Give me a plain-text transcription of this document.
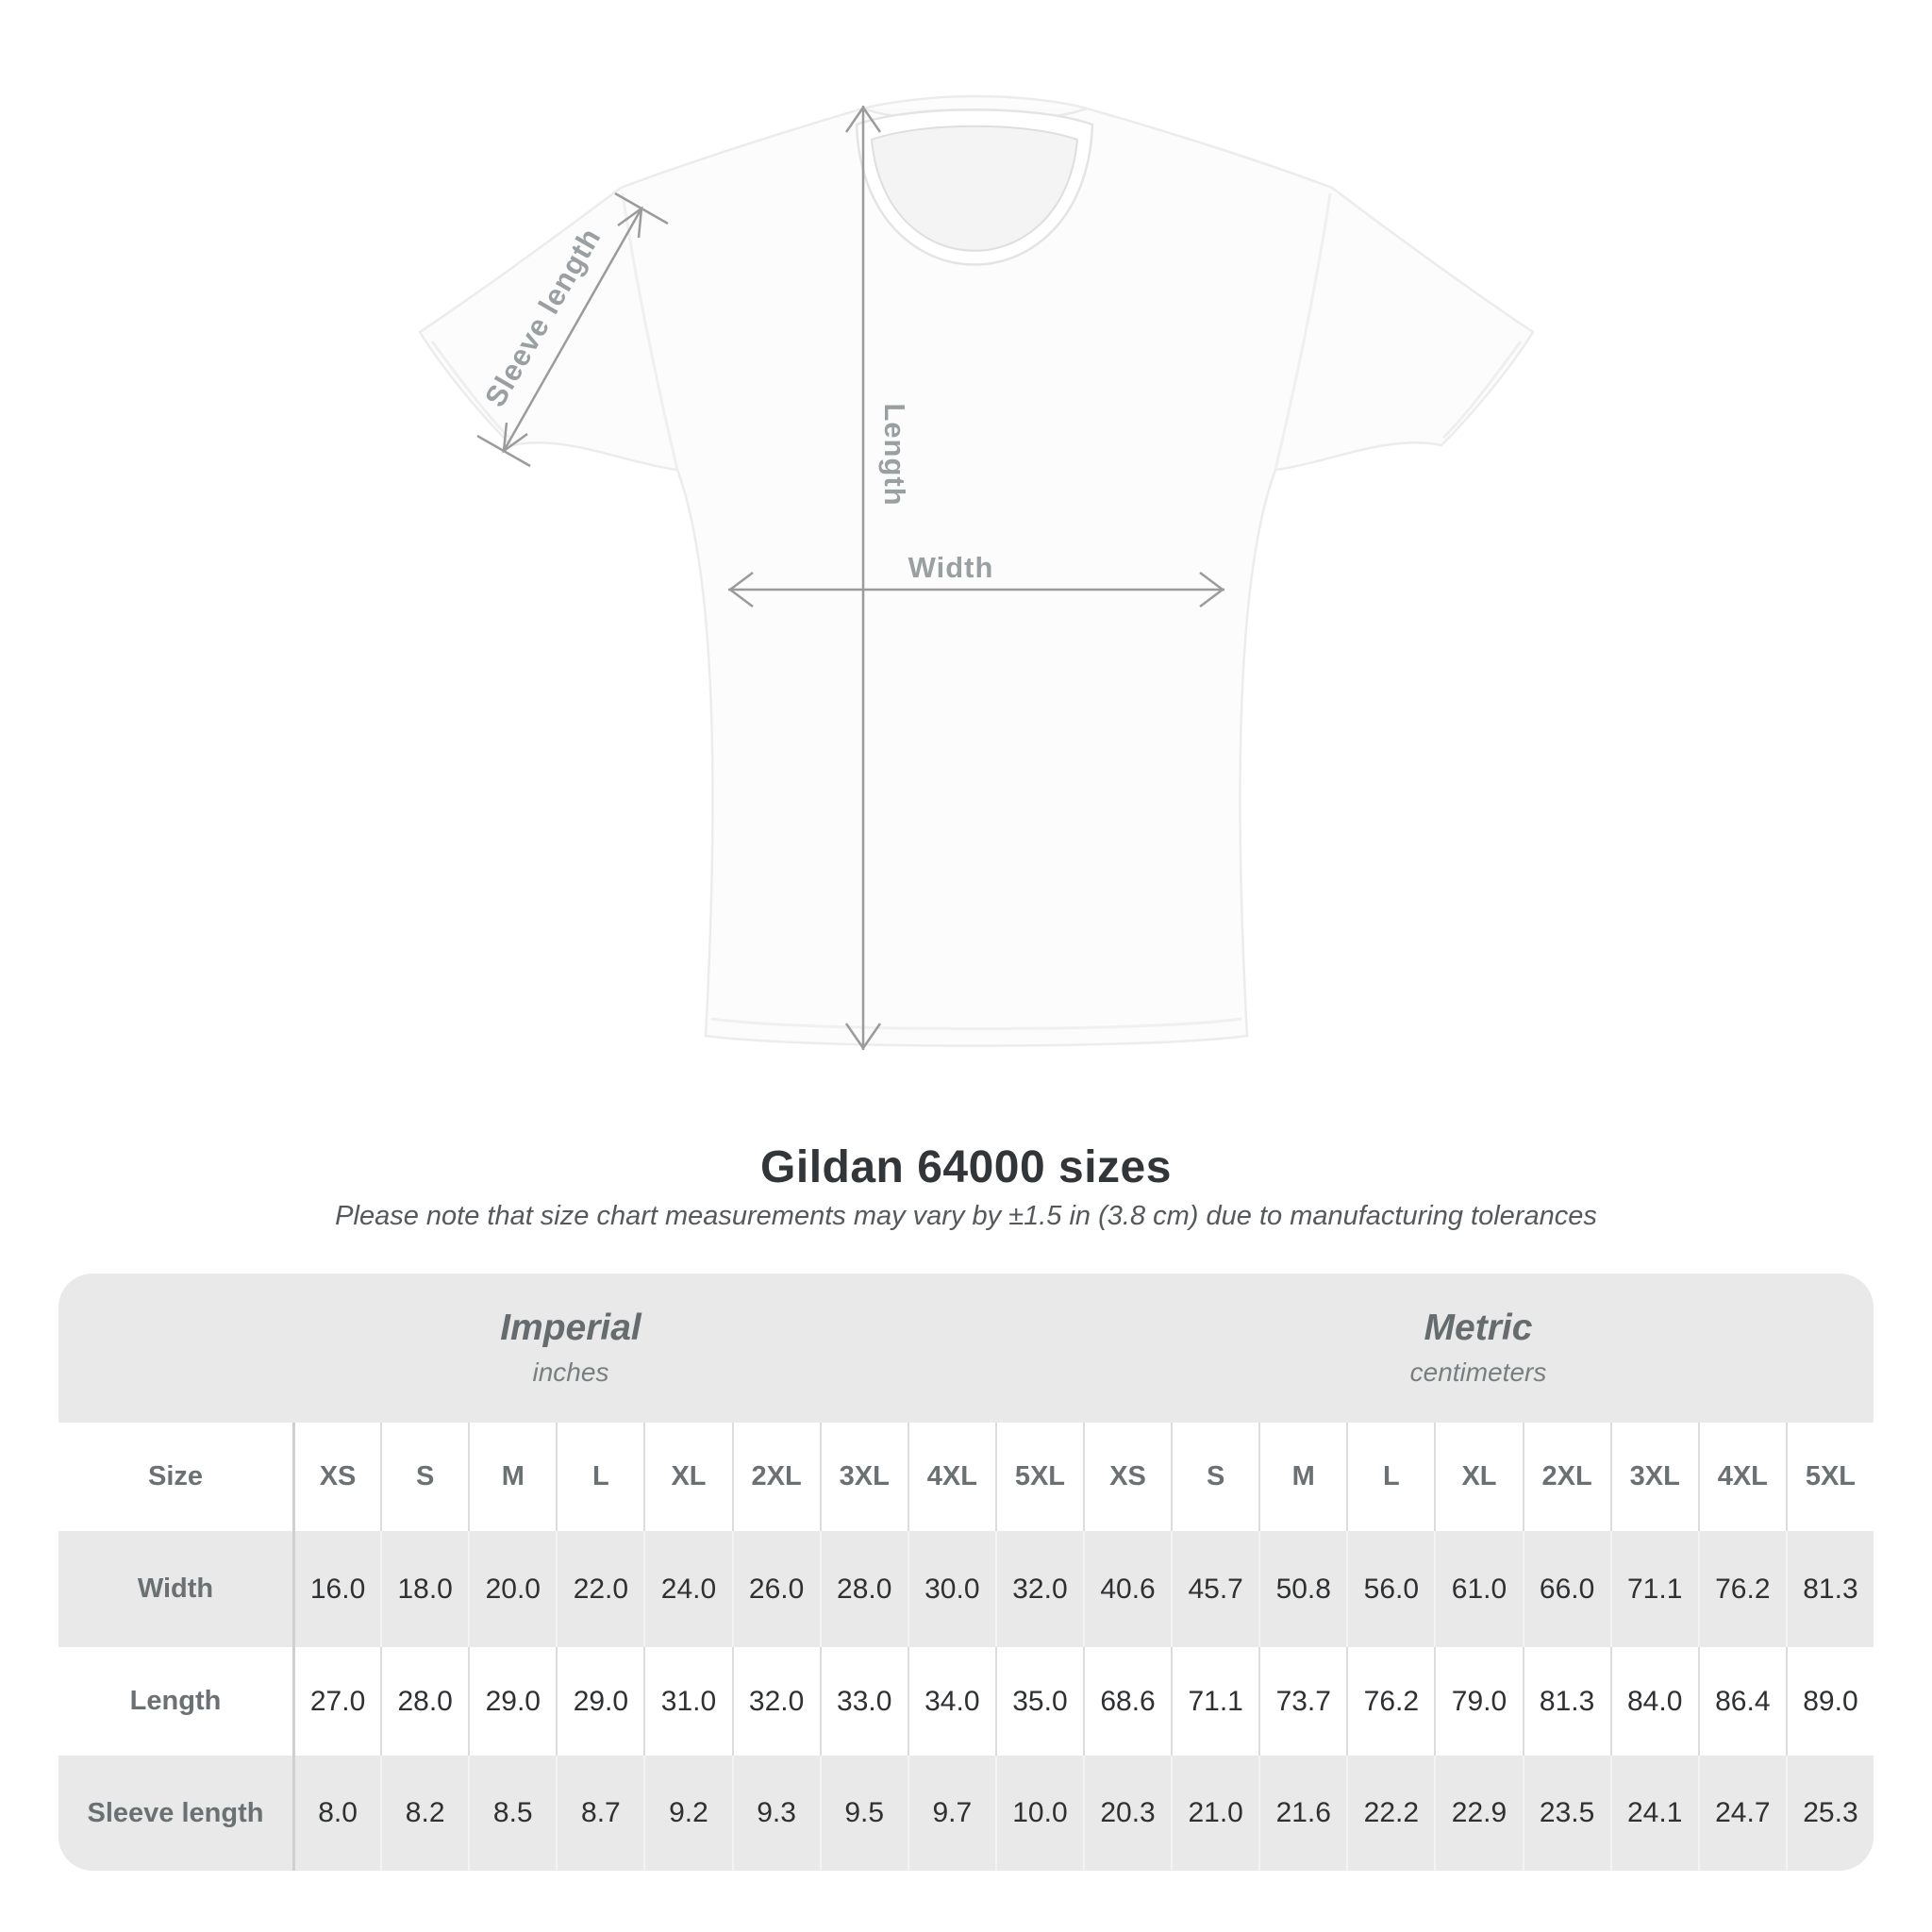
Length
Width
Sleeve length
Gildan 64000 sizes
Please note that size chart measurements may vary by ±1.5 in (3.8 cm) due to manufacturing tolerances
Imperial
inches

Metric
centimeters

Size	XS	S	M	L	XL	2XL	3XL	4XL	5XL	XS	S	M	L	XL	2XL	3XL	4XL	5XL
Width	16.0	18.0	20.0	22.0	24.0	26.0	28.0	30.0	32.0	40.6	45.7	50.8	56.0	61.0	66.0	71.1	76.2	81.3
Length	27.0	28.0	29.0	29.0	31.0	32.0	33.0	34.0	35.0	68.6	71.1	73.7	76.2	79.0	81.3	84.0	86.4	89.0
Sleeve length	8.0	8.2	8.5	8.7	9.2	9.3	9.5	9.7	10.0	20.3	21.0	21.6	22.2	22.9	23.5	24.1	24.7	25.3
